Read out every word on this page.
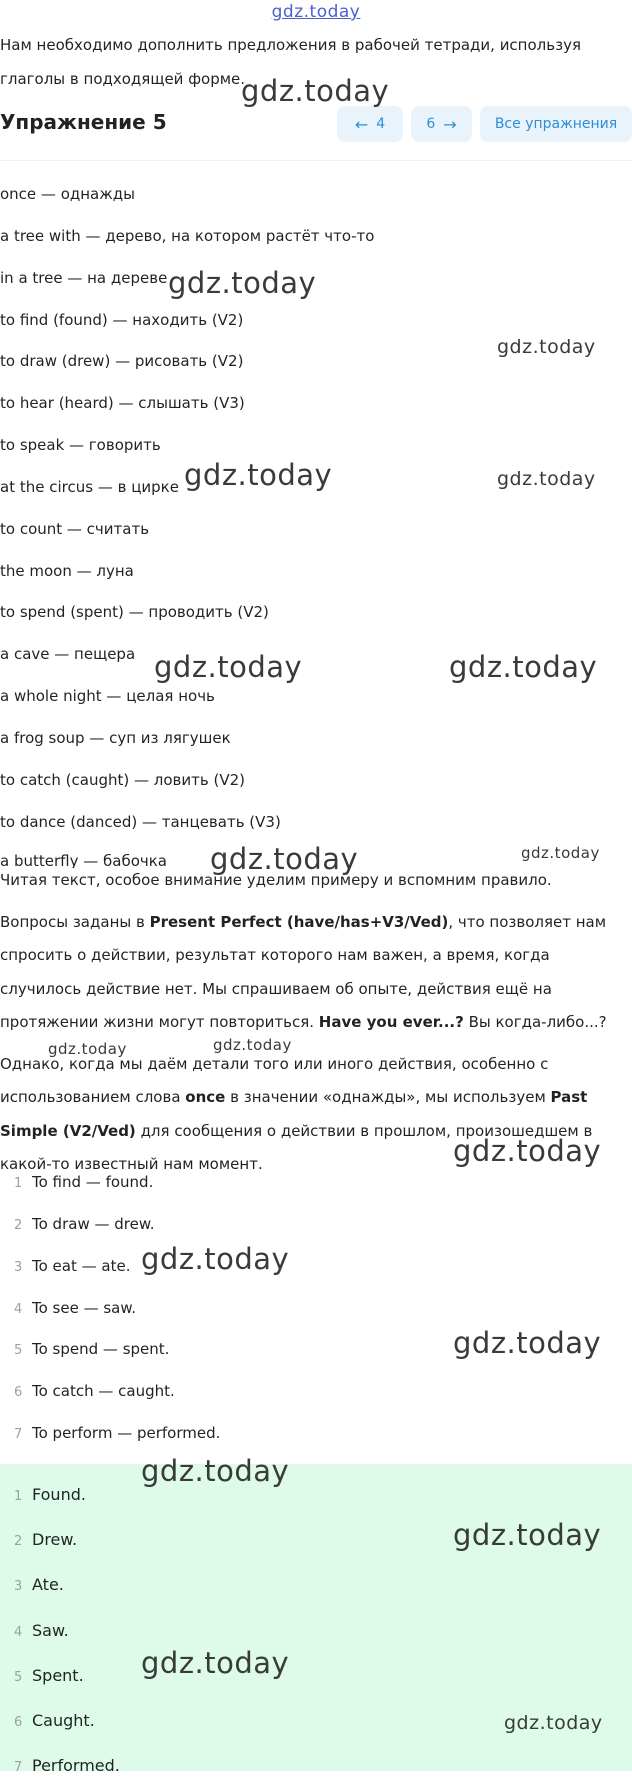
gdz.today
Нам необходимо дополнить предложения в рабочей тетради, используя глаголы в подходящей форме.
Упражнение 5	← 4	6 →	Все упражнения
once — однажды
a tree with — дерево, на котором растёт что-то
in a tree — на дереве
to find (found) — находить (V2)
to draw (drew) — рисовать (V2)
to hear (heard) — слышать (V3)
to speak — говорить
at the circus — в цирке
to count — считать
the moon — луна
to spend (spent) — проводить (V2)
a cave — пещера
a whole night — целая ночь
a frog soup — суп из лягушек
to catch (caught) — ловить (V2)
to dance (danced) — танцевать (V3)
a butterfly — бабочка

Читая текст, особое внимание уделим примеру и вспомним правило.

Вопросы заданы в Present Perfect (have/has+V3/Ved), что позволяет нам спросить о действии, результат которого нам важен, а время, когда случилось действие нет. Мы спрашиваем об опыте, действия ещё на протяжении жизни могут повториться. Have you ever...? Вы когда-либо...?

Однако, когда мы даём детали того или иного действия, особенно с использованием слова once в значении «однажды», мы используем Past Simple (V2/Ved) для сообщения о действии в прошлом, произошедшем в какой-то известный нам момент.

1 To find — found.
2 To draw — drew.
3 To eat — ate.
4 To see — saw.
5 To spend — spent.
6 To catch — caught.
7 To perform — performed.
1 Found.
2 Drew.
3 Ate.
4 Saw.
5 Spent.
6 Caught.
7 Performed.
gdz.today
gdz.today
gdz.today
gdz.today	gdz.today
gdz.today	gdz.today
gdz.today	gdz.today
gdz.today	gdz.today
gdz.today
gdz.today
gdz.today
gdz.today
gdz.today
gdz.today
gdz.today
